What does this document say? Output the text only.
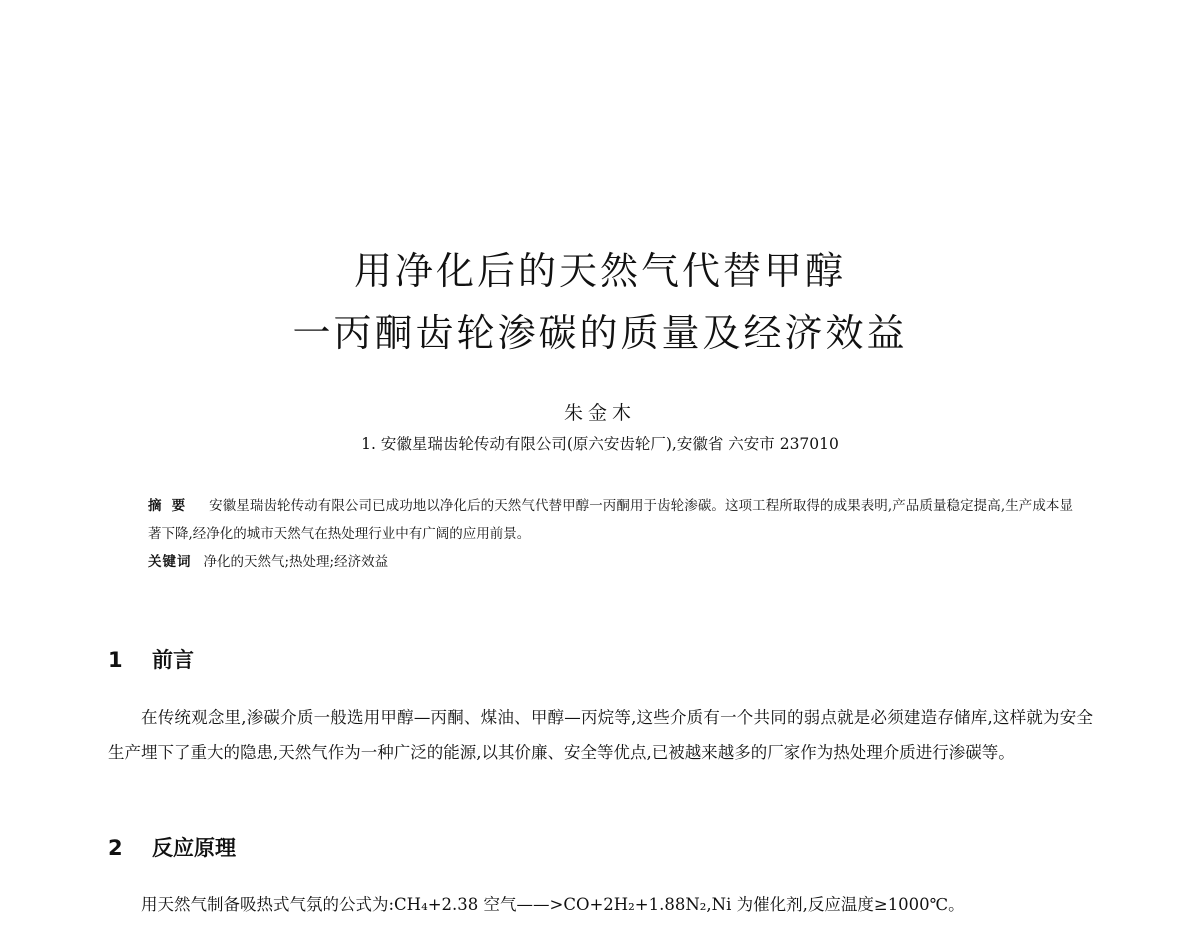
用净化后的天然气代替甲醇
一丙酮齿轮渗碳的质量及经济效益
朱金木
1. 安徽星瑞齿轮传动有限公司(原六安齿轮厂),安徽省 六安市 237010
摘要 安徽星瑞齿轮传动有限公司已成功地以净化后的天然气代替甲醇一丙酮用于齿轮渗碳。这项工程所取得的成果表明,产品质量稳定提高,生产成本显著下降,经净化的城市天然气在热处理行业中有广阔的应用前景。
关键词 净化的天然气;热处理;经济效益
1 前言

在传统观念里,渗碳介质一般选用甲醇—丙酮、煤油、甲醇—丙烷等,这些介质有一个共同的弱点就是必须建造存储库,这样就为安全生产埋下了重大的隐患,天然气作为一种广泛的能源,以其价廉、安全等优点,已被越来越多的厂家作为热处理介质进行渗碳等。

2 反应原理

用天然气制备吸热式气氛的公式为:CH₄+2.38 空气——>CO+2H₂+1.88N₂,Ni 为催化剂,反应温度≥1000℃。
